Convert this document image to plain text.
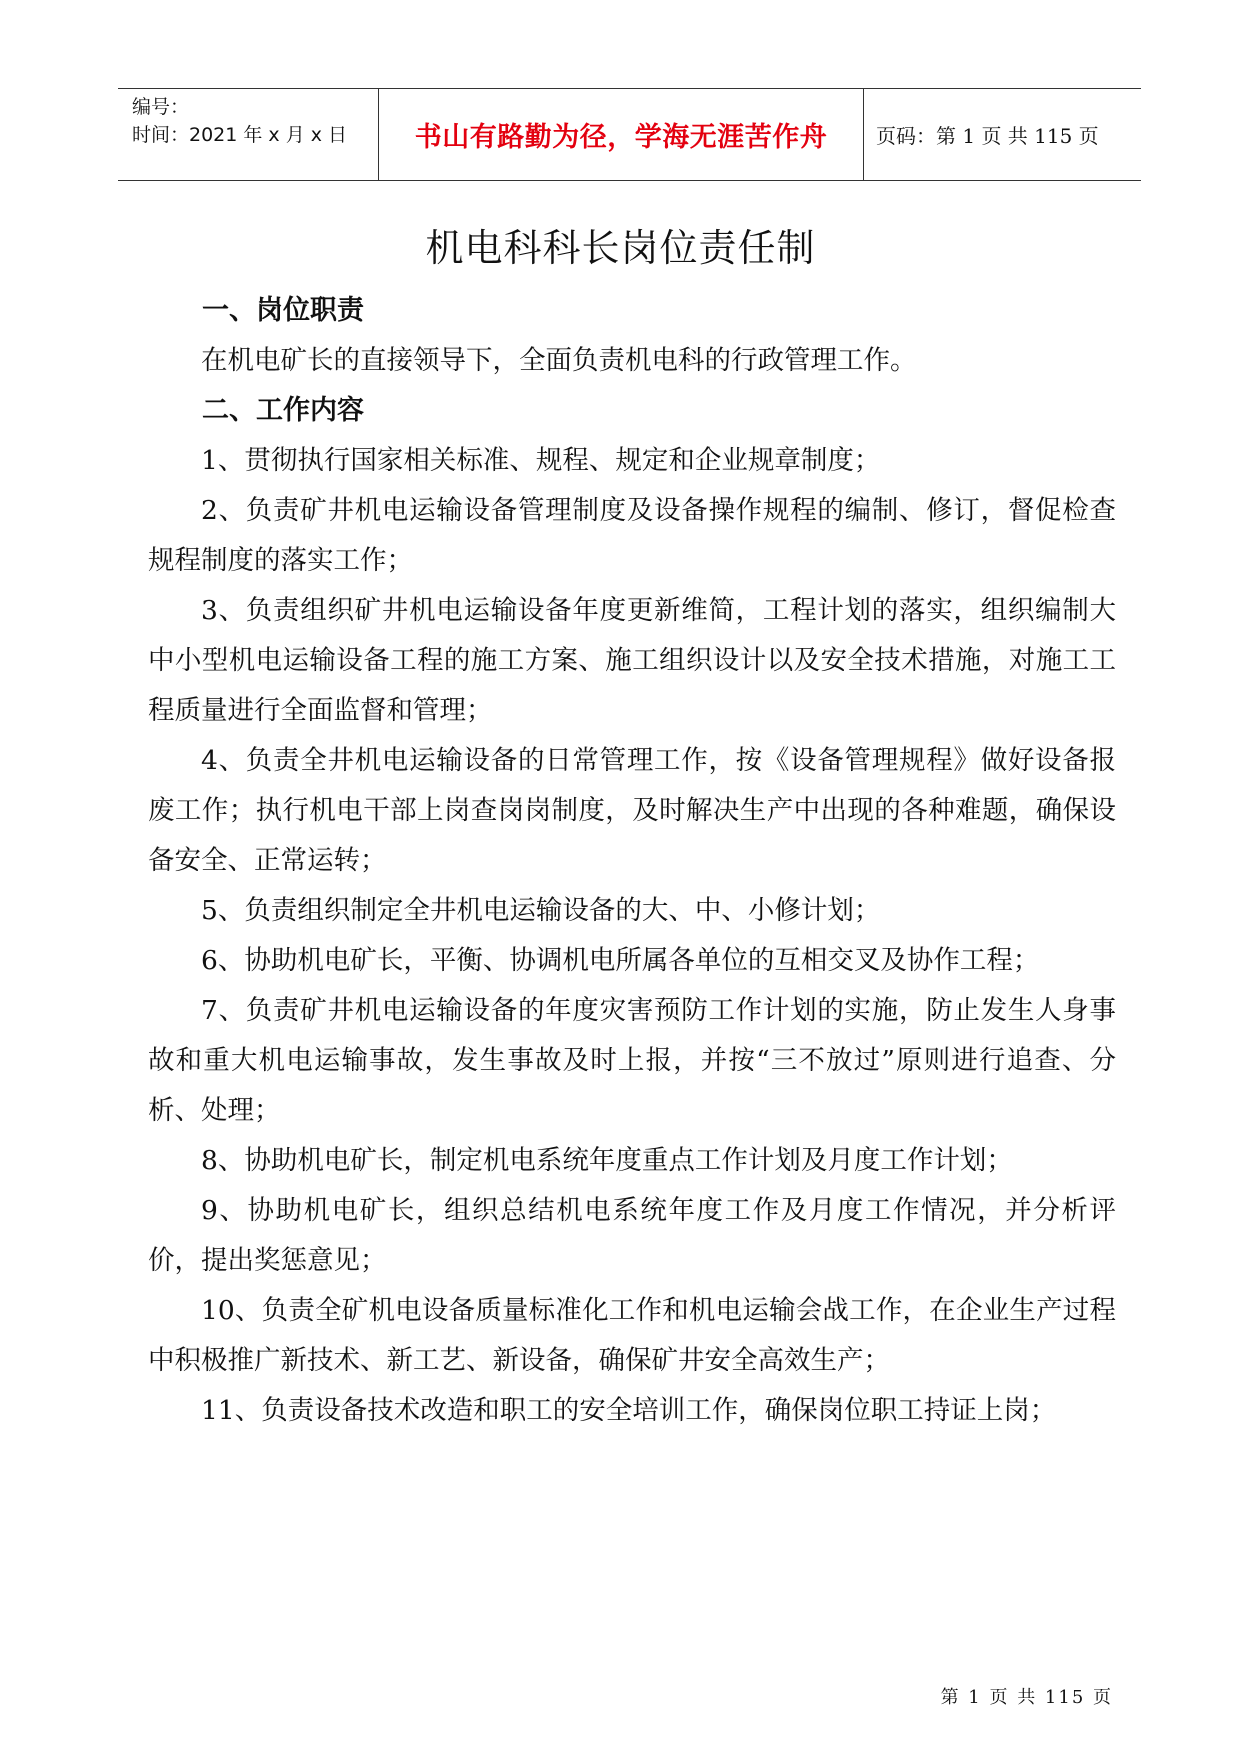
编号：
时间：2021 年 x 月 x 日	书山有路勤为径，学海无涯苦作舟 页码：第 1 页 共 115 页
机电科科长岗位责任制
一、岗位职责

在机电矿长的直接领导下，全面负责机电科的行政管理工作。

二、工作内容

1、贯彻执行国家相关标准、规程、规定和企业规章制度；

2、负责矿井机电运输设备管理制度及设备操作规程的编制、修订，督促检查规程制度的落实工作；

3、负责组织矿井机电运输设备年度更新维简，工程计划的落实，组织编制大中小型机电运输设备工程的施工方案、施工组织设计以及安全技术措施，对施工工程质量进行全面监督和管理；

4、负责全井机电运输设备的日常管理工作，按《设备管理规程》做好设备报废工作；执行机电干部上岗查岗岗制度，及时解决生产中出现的各种难题，确保设备安全、正常运转；

5、负责组织制定全井机电运输设备的大、中、小修计划；

6、协助机电矿长，平衡、协调机电所属各单位的互相交叉及协作工程；

7、负责矿井机电运输设备的年度灾害预防工作计划的实施，防止发生人身事故和重大机电运输事故，发生事故及时上报，并按“三不放过”原则进行追查、分析、处理；

8、协助机电矿长，制定机电系统年度重点工作计划及月度工作计划；

9、协助机电矿长，组织总结机电系统年度工作及月度工作情况，并分析评价，提出奖惩意见；

10、负责全矿机电设备质量标准化工作和机电运输会战工作，在企业生产过程中积极推广新技术、新工艺、新设备，确保矿井安全高效生产；

11、负责设备技术改造和职工的安全培训工作，确保岗位职工持证上岗；

第 1 页 共 115 页
